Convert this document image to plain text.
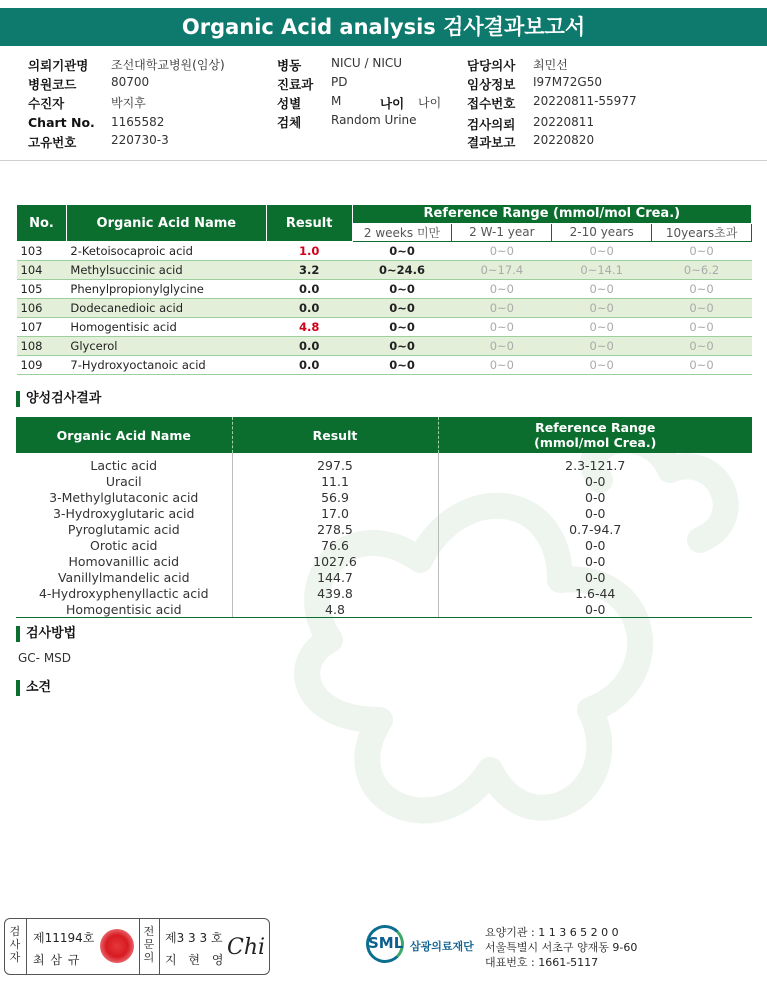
Organic Acid analysis 검사결과보고서
의뢰기관명 조선대학교병원(임상)
병원코드	80700
수진자	박지후
Chart No. 1165582
고유번호	220730-3
병동 NICU / NICU
진료과 PD
성별 M	나이 나이
검체 Random Urine
담당의사 최민선
임상정보 I97M72G50
접수번호 20220811-55977
검사의뢰 20220811
결과보고 20220820
No.	Organic Acid Name	Result	Reference Range (mmol/mol Crea.)			
			2 weeks 미만	2 W-1 year	2-10 years	10years초과
103	2-Ketoisocaproic acid	1.0	0~0	0~0	0~0	0~0
104	Methylsuccinic acid	3.2	0~24.6	0~17.4	0~14.1	0~6.2
105	Phenylpropionylglycine	0.0	0~0	0~0	0~0	0~0
106	Dodecanedioic acid	0.0	0~0	0~0	0~0	0~0
107	Homogentisic acid	4.8	0~0	0~0	0~0	0~0
108	Glycerol	0.0	0~0	0~0	0~0	0~0
109	7-Hydroxyoctanoic acid	0.0	0~0	0~0	0~0	0~0
양성검사결과
Organic Acid Name	Result	Reference Range
(mmol/mol Crea.)

Lactic acid	297.5	2.3-121.7
Uracil	11.1	0-0
3-Methylglutaconic acid	56.9	0-0
3-Hydroxyglutaric acid	17.0	0-0
Pyroglutamic acid	278.5	0.7-94.7
Orotic acid	76.6	0-0
Homovanillic acid	1027.6	0-0
Vanillylmandelic acid	144.7	0-0
4-Hydroxyphenyllactic acid	439.8	1.6-44
Homogentisic acid	4.8	0-0
검사방법
GC- MSD
소견
검사자
제11194호
최 삼 규
전문의
제3 3 3 호
지 현 영 Chi	SML 삼광의료재단
요양기관 : 1 1 3 6 5 2 0 0
서울특별시 서초구 양재동 9-60
대표번호 : 1661-5117
